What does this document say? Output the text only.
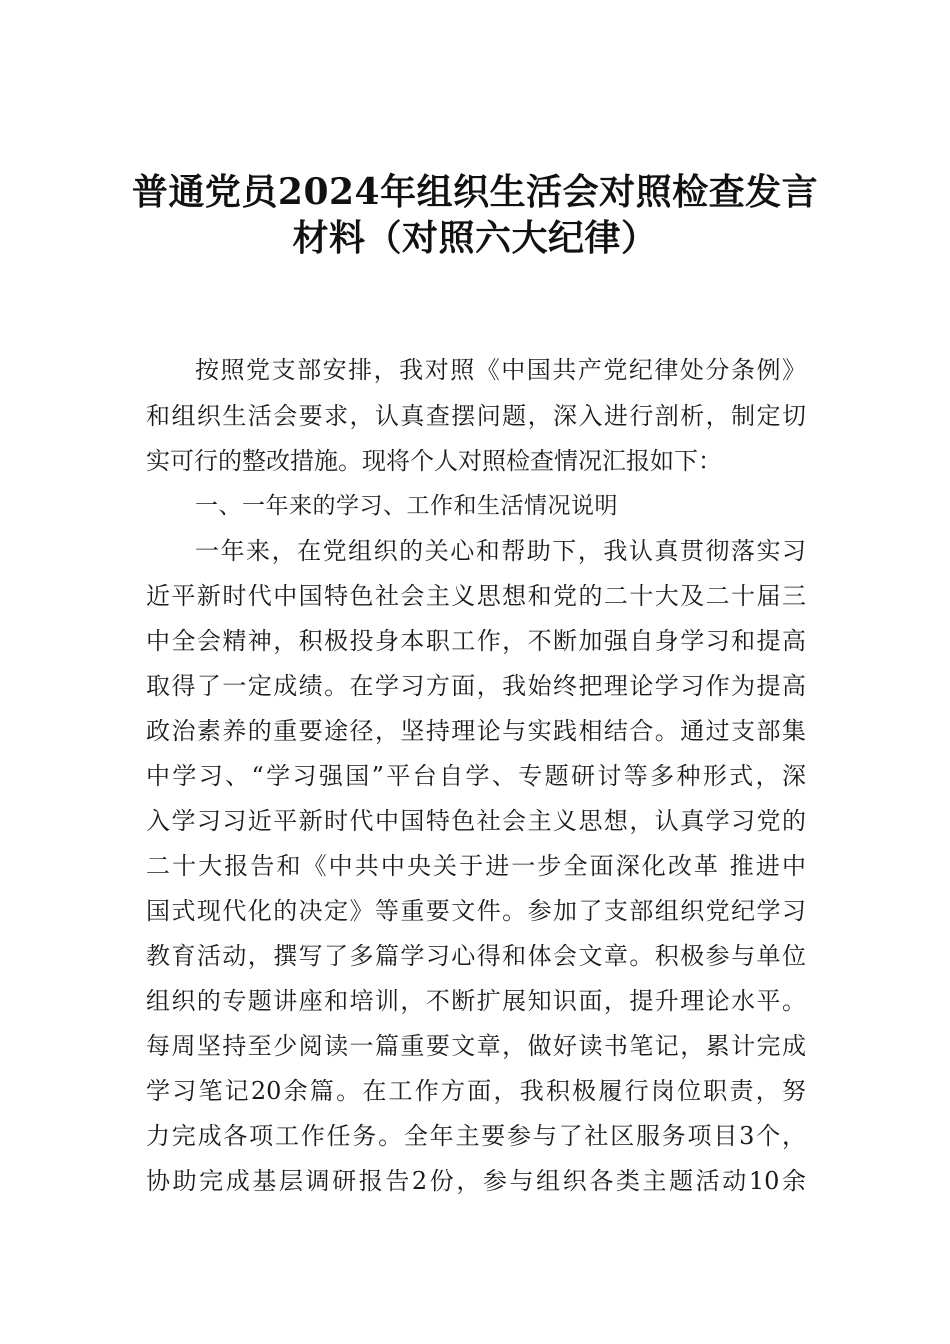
普通党员2024年组织生活会对照检查发言
材料（对照六大纪律）
按照党支部安排，我对照《中国共产党纪律处分条例》
和组织生活会要求，认真查摆问题，深入进行剖析，制定切
实可行的整改措施。现将个人对照检查情况汇报如下：
一、一年来的学习、工作和生活情况说明
一年来，在党组织的关心和帮助下，我认真贯彻落实习
近平新时代中国特色社会主义思想和党的二十大及二十届三
中全会精神，积极投身本职工作，不断加强自身学习和提高
取得了一定成绩。在学习方面，我始终把理论学习作为提高
政治素养的重要途径，坚持理论与实践相结合。通过支部集
中学习、“学习强国”平台自学、专题研讨等多种形式，深
入学习习近平新时代中国特色社会主义思想，认真学习党的
二十大报告和《中共中央关于进一步全面深化改革 推进中
国式现代化的决定》等重要文件。参加了支部组织党纪学习
教育活动，撰写了多篇学习心得和体会文章。积极参与单位
组织的专题讲座和培训，不断扩展知识面，提升理论水平。
每周坚持至少阅读一篇重要文章，做好读书笔记，累计完成
学习笔记20余篇。在工作方面，我积极履行岗位职责，努
力完成各项工作任务。全年主要参与了社区服务项目3个，
协助完成基层调研报告2份，参与组织各类主题活动10余
